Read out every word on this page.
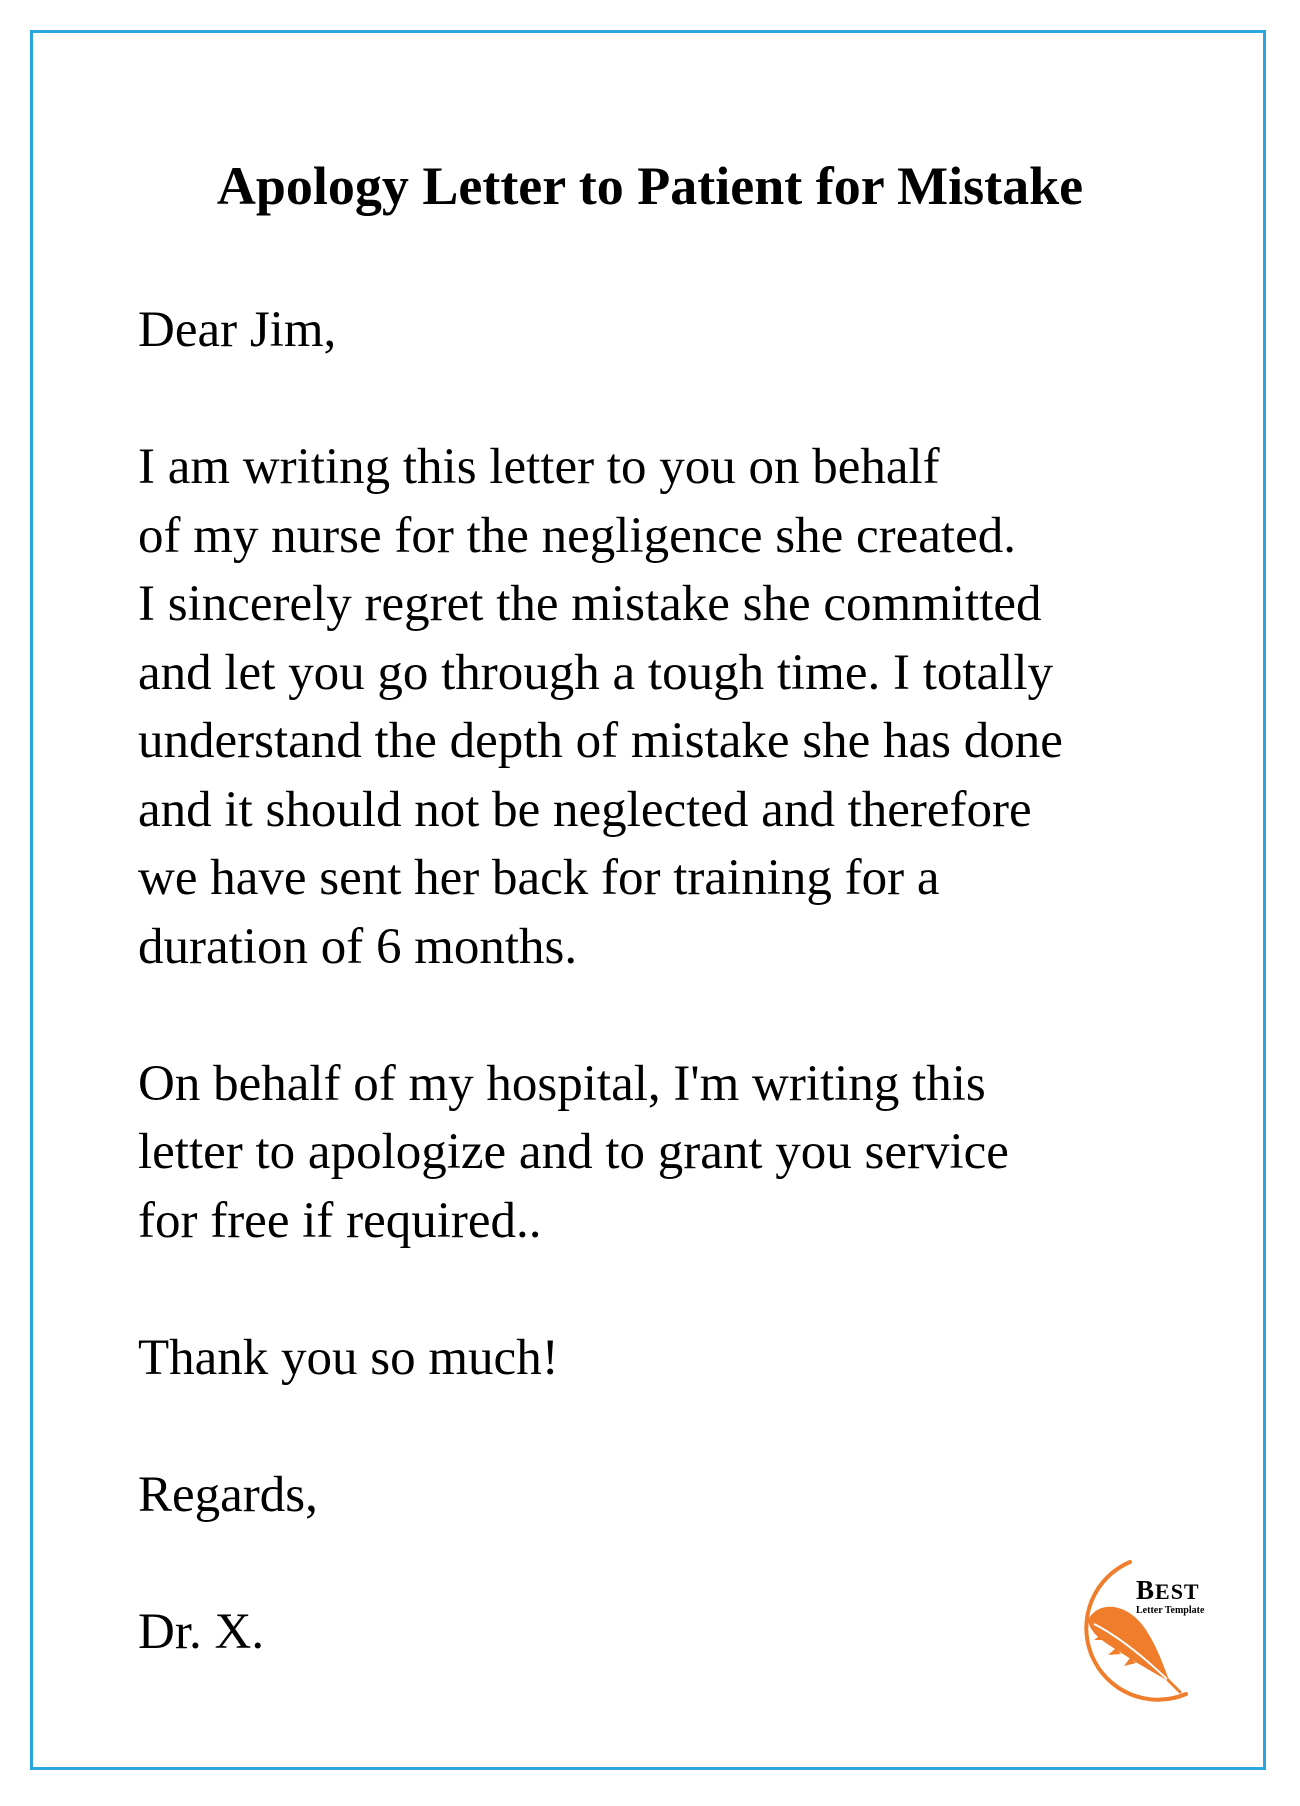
Apology Letter to Patient for Mistake

Dear Jim,

I am writing this letter to you on behalf
of my nurse for the negligence she created.
I sincerely regret the mistake she committed
and let you go through a tough time. I totally
understand the depth of mistake she has done
and it should not be neglected and therefore
we have sent her back for training for a
duration of 6 months.

On behalf of my hospital, I'm writing this
letter to apologize and to grant you service
for free if required..

Thank you so much!

Regards,

Dr. X.

BEST
Letter Template
